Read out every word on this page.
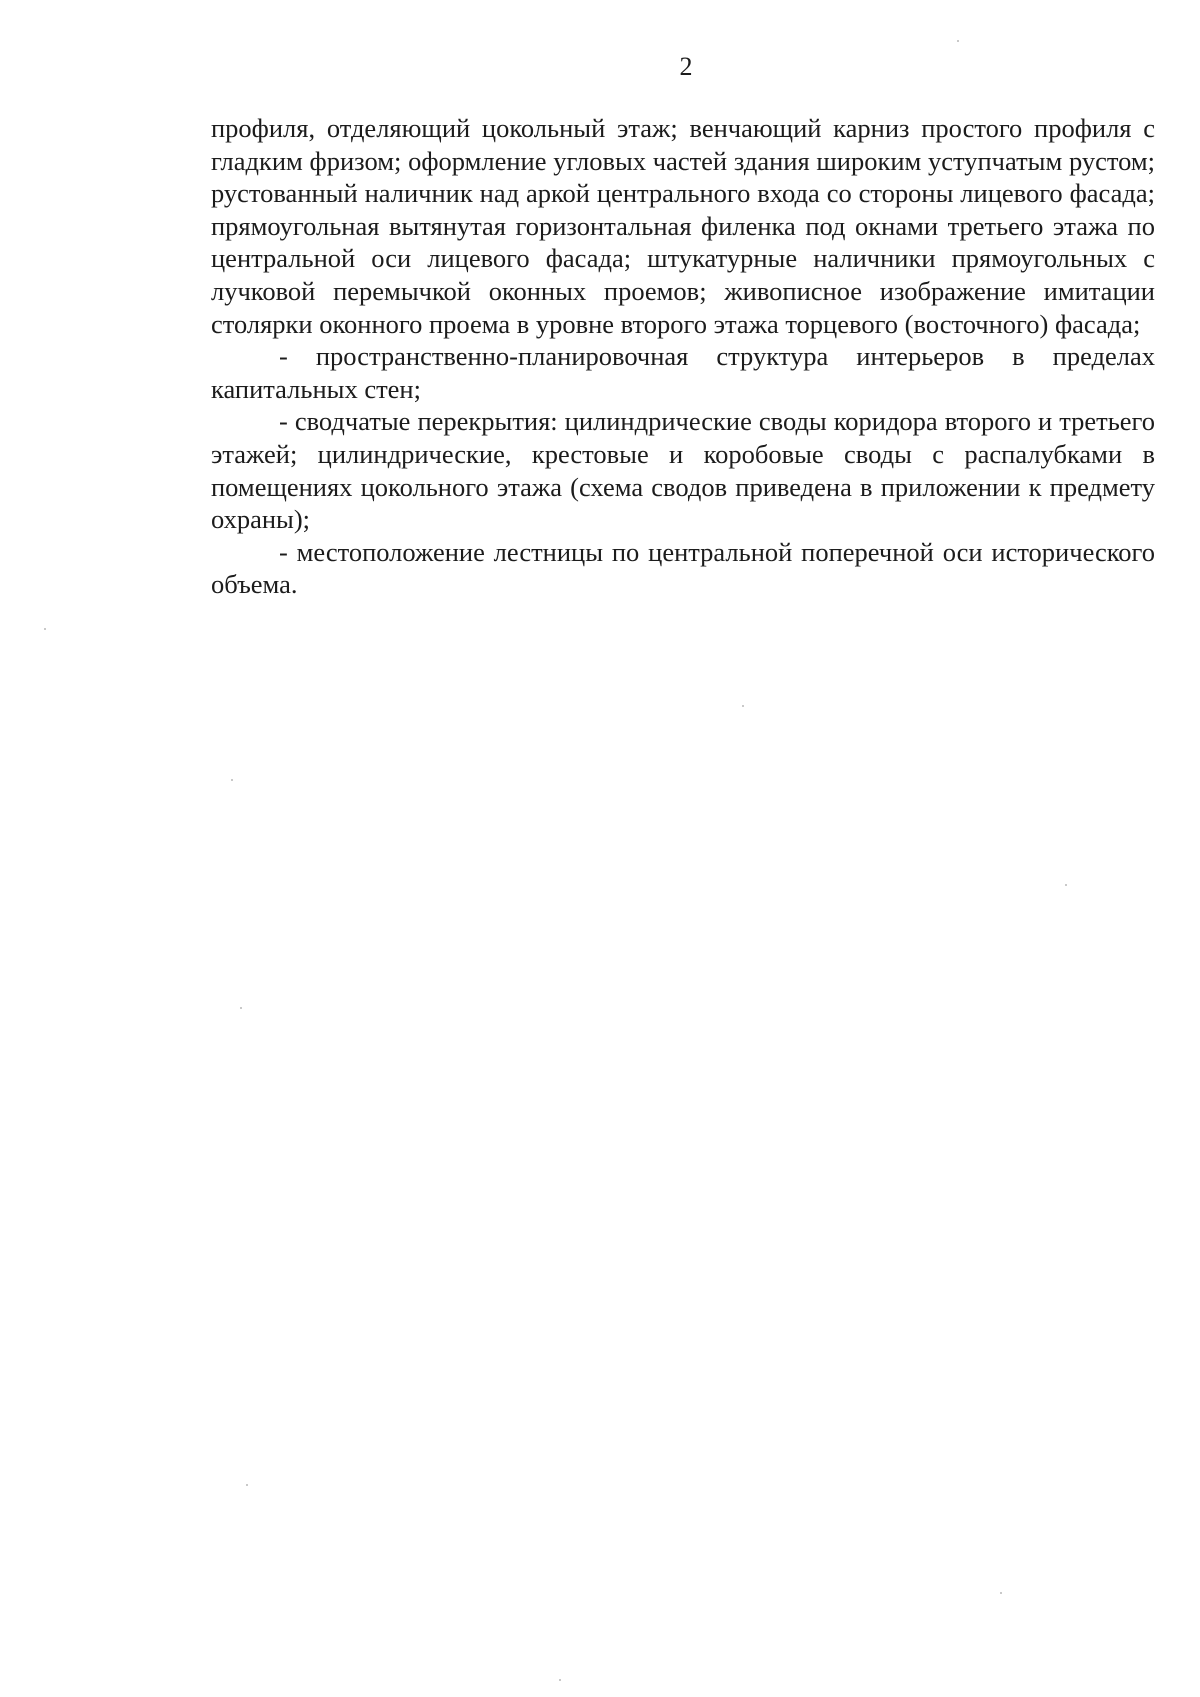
2

профиля, отделяющий цокольный этаж; венчающий карниз простого профиля с гладким фризом; оформление угловых частей здания широким уступчатым рустом; рустованный наличник над аркой центрального входа со стороны лицевого фасада; прямоугольная вытянутая горизонтальная филенка под окнами третьего этажа по центральной оси лицевого фасада; штукатурные наличники прямоугольных с лучковой перемычкой оконных проемов; живописное изображение имитации столярки оконного проема в уровне второго этажа торцевого (восточного) фасада;

- пространственно-планировочная структура интерьеров в пределах капитальных стен;

- сводчатые перекрытия: цилиндрические своды коридора второго и третьего этажей; цилиндрические, крестовые и коробовые своды с распалубками в помещениях цокольного этажа (схема сводов приведена в приложении к предмету охраны);

- местоположение лестницы по центральной поперечной оси исторического объема.
